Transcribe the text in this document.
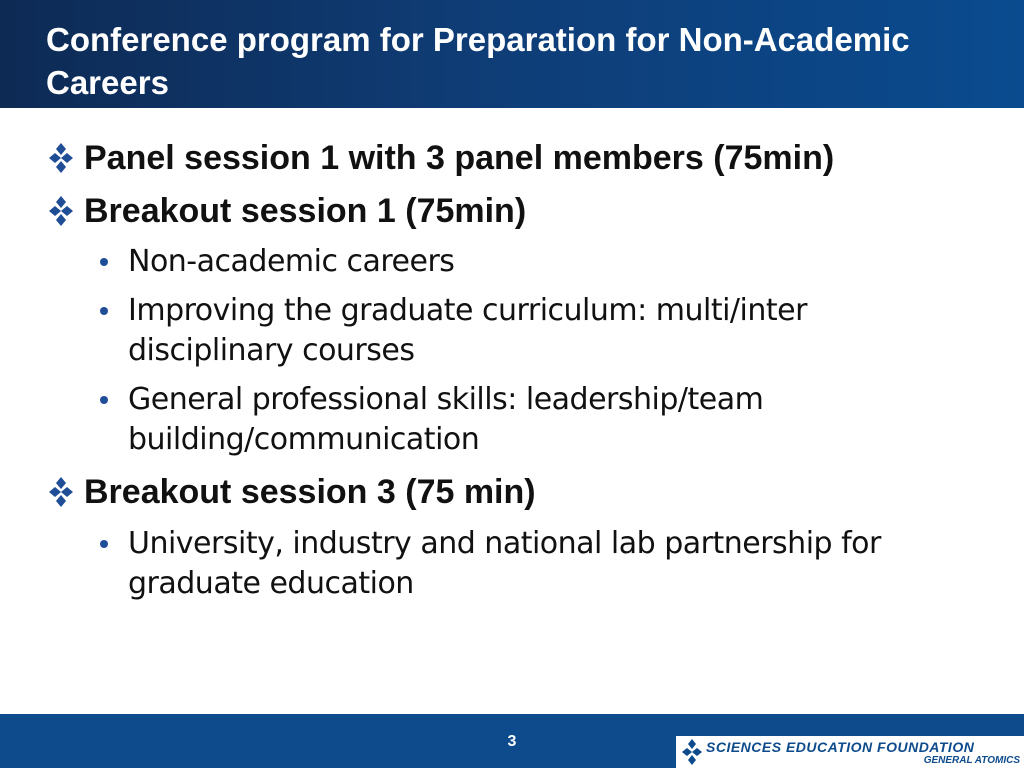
Conference program for Preparation for Non-Academic Careers
Panel session 1 with 3 panel members (75min)
Breakout session 1 (75min)
Non-academic careers
Improving the graduate curriculum: multi/inter disciplinary courses
General professional skills: leadership/team building/communication
Breakout session 3 (75 min)
University, industry and national lab partnership for graduate education
3	SCIENCES EDUCATION FOUNDATION
GENERAL ATOMICS
